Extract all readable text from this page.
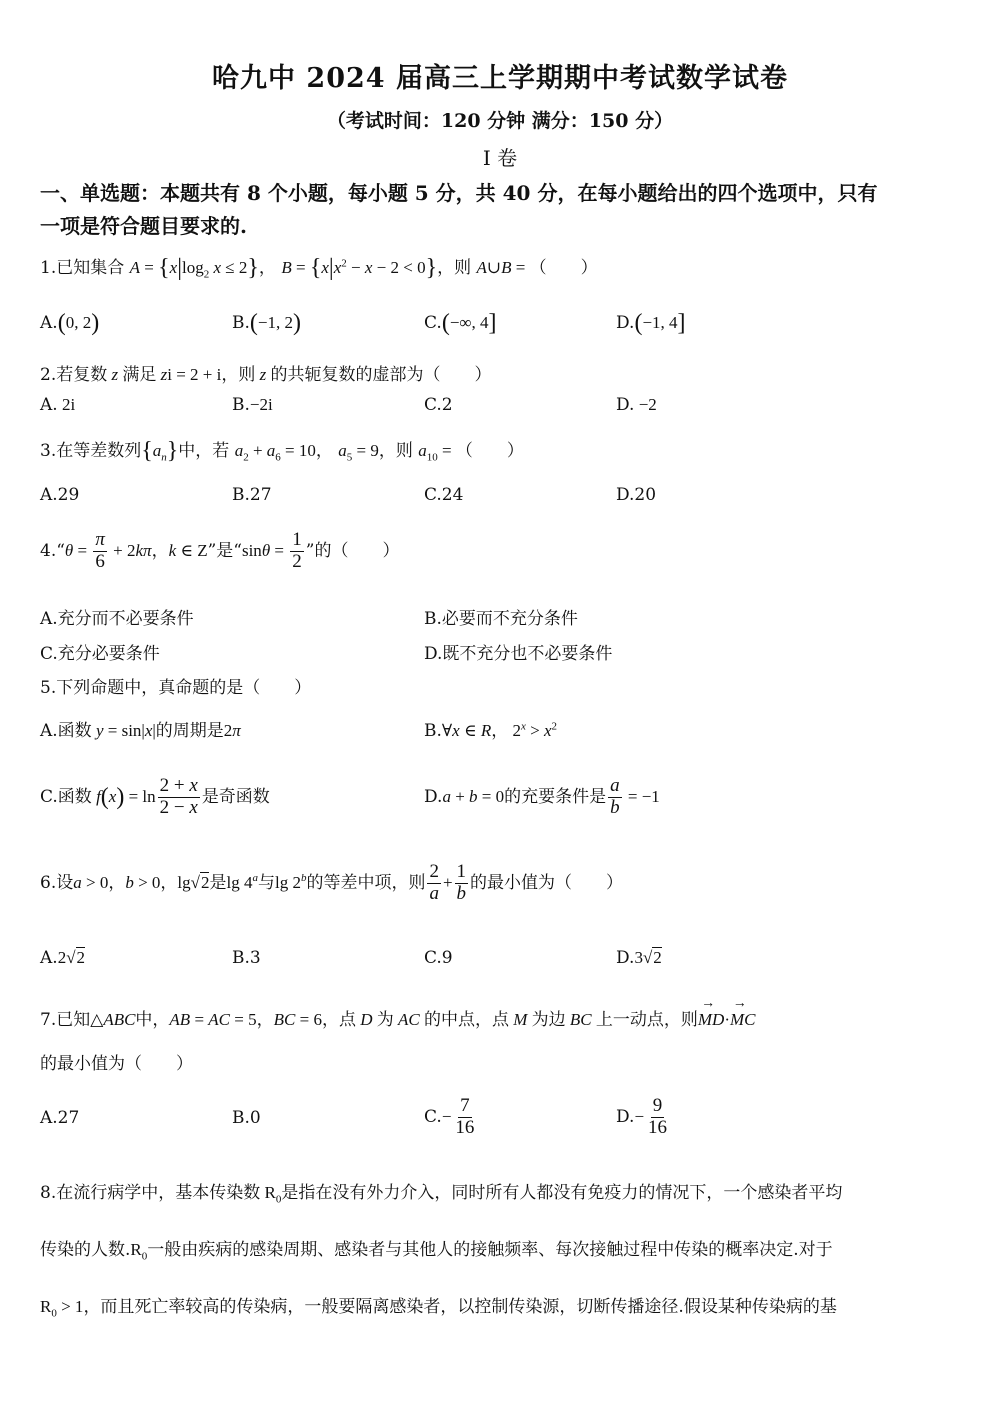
哈九中 2024 届高三上学期期中考试数学试卷
（考试时间：120 分钟 满分：150 分）
I 卷
一、单选题：本题共有 8 个小题，每小题 5 分，共 40 分，在每小题给出的四个选项中，只有
一项是符合题目要求的.
1.已知集合 $A = \{x|\log_2$ x ≤ 2}， $B = \{x|x^2 - x - 2 < 0\}$，则 A∪B = （　　）
A.(0, 2)	B.(−1, 2)	C.(−∞, 4]	D.(−1, 4]
2.若复数 z 满足 zi = 2 + i，则 z 的共轭复数的虚部为（　　）
A. 2i	B.−2i	C.2	D. −2
3.在等差数列$\{a_n\}$中，若 $a_2 + a_6 = 10$， $a_5 = 9$，则 $a_{10}$ = （　　）
A.29	B.27	C.24	D.20
4.“θ = $\frac{\pi}{6} + 2k\pi$，k ∈ Z”是“$\sin\theta = \frac{1}{2}$ ”的（　　）
A.充分而不必要条件	B.必要而不充分条件
C.充分必要条件	D.既不充分也不必要条件
5.下列命题中，真命题的是（　　）
A.函数 y = sin|x|的周期是2π	B.∀x ∈ R， $2^x > x^2$
C.函数 $f(x) = \ln \frac{2 + x}{2 - x}$ 是奇函数	D.a + b = 0的充要条件是 $\frac{a}{b} = -1$
6.设a > 0，b > 0，lg√2是lg 4$^a$与lg 2$^b$的等差中项，则 $\frac{2}{a} + \frac{1}{b}$ 的最小值为（　　）
A.2√2	B.3	C.9	D.3√2
7.已知△ABC中，AB = AC = 5，BC = 6，点 D 为 AC 的中点，点 M 为边 BC 上一动点，则→ MD·→ MC
的最小值为（　　）
A.27	B.0	$C.- \frac{7}{16}$	$D.- \frac{9}{16}$
8.在流行病学中，基本传染数 $R_0$是指在没有外力介入，同时所有人都没有免疫力的情况下，一个感染者平均
传染的人数$.R_0$一般由疾病的感染周期、感染者与其他人的接触频率、每次接触过程中传染的概率决定.对于
$R_0 > 1$，而且死亡率较高的传染病，一般要隔离感染者，以控制传染源，切断传播途径.假设某种传染病的基
